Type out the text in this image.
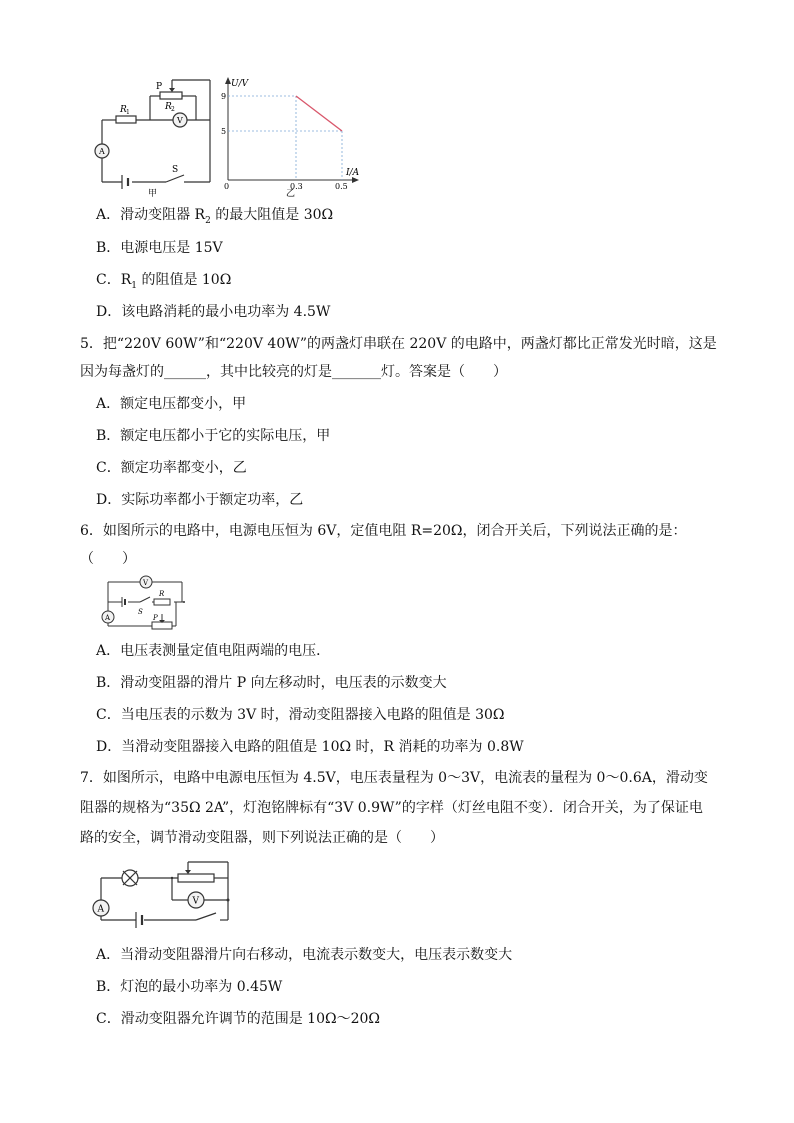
P
R 1
R 2
V
A
S
甲
U/V
I/A
9
5
0	0.3	0.5
乙
A．滑动变阻器 $R_2$ 的最大阻值是 30Ω
B．电源电压是 15V
C．$R_1$ 的阻值是 10Ω
D．该电路消耗的最小电功率为 4.5W
5．把“220V 60W”和“220V 40W”的两盏灯串联在 220V 的电路中，两盏灯都比正常发光时暗，这是
因为每盏灯的______，其中比较亮的灯是_______灯。答案是（　　）
A．额定电压都变小，甲
B．额定电压都小于它的实际电压，甲
C．额定功率都变小，乙
D．实际功率都小于额定功率，乙
6．如图所示的电路中，电源电压恒为 6V，定值电阻 R=20Ω，闭合开关后，下列说法正确的是：
（　　）
V
A
S
R
P
A．电压表测量定值电阻两端的电压．
B．滑动变阻器的滑片 P 向左移动时，电压表的示数变大
C．当电压表的示数为 3V 时，滑动变阻器接入电路的阻值是 30Ω
D．当滑动变阻器接入电路的阻值是 10Ω 时，R 消耗的功率为 0.8W
7．如图所示，电路中电源电压恒为 4.5V，电压表量程为 0～3V，电流表的量程为 0～0.6A，滑动变
阻器的规格为“35Ω 2A”，灯泡铭牌标有“3V 0.9W”的字样（灯丝电阻不变）．闭合开关，为了保证电
路的安全，调节滑动变阻器，则下列说法正确的是（　　）
A
V
A．当滑动变阻器滑片向右移动，电流表示数变大，电压表示数变大
B．灯泡的最小功率为 0.45W
C．滑动变阻器允许调节的范围是 10Ω～20Ω
